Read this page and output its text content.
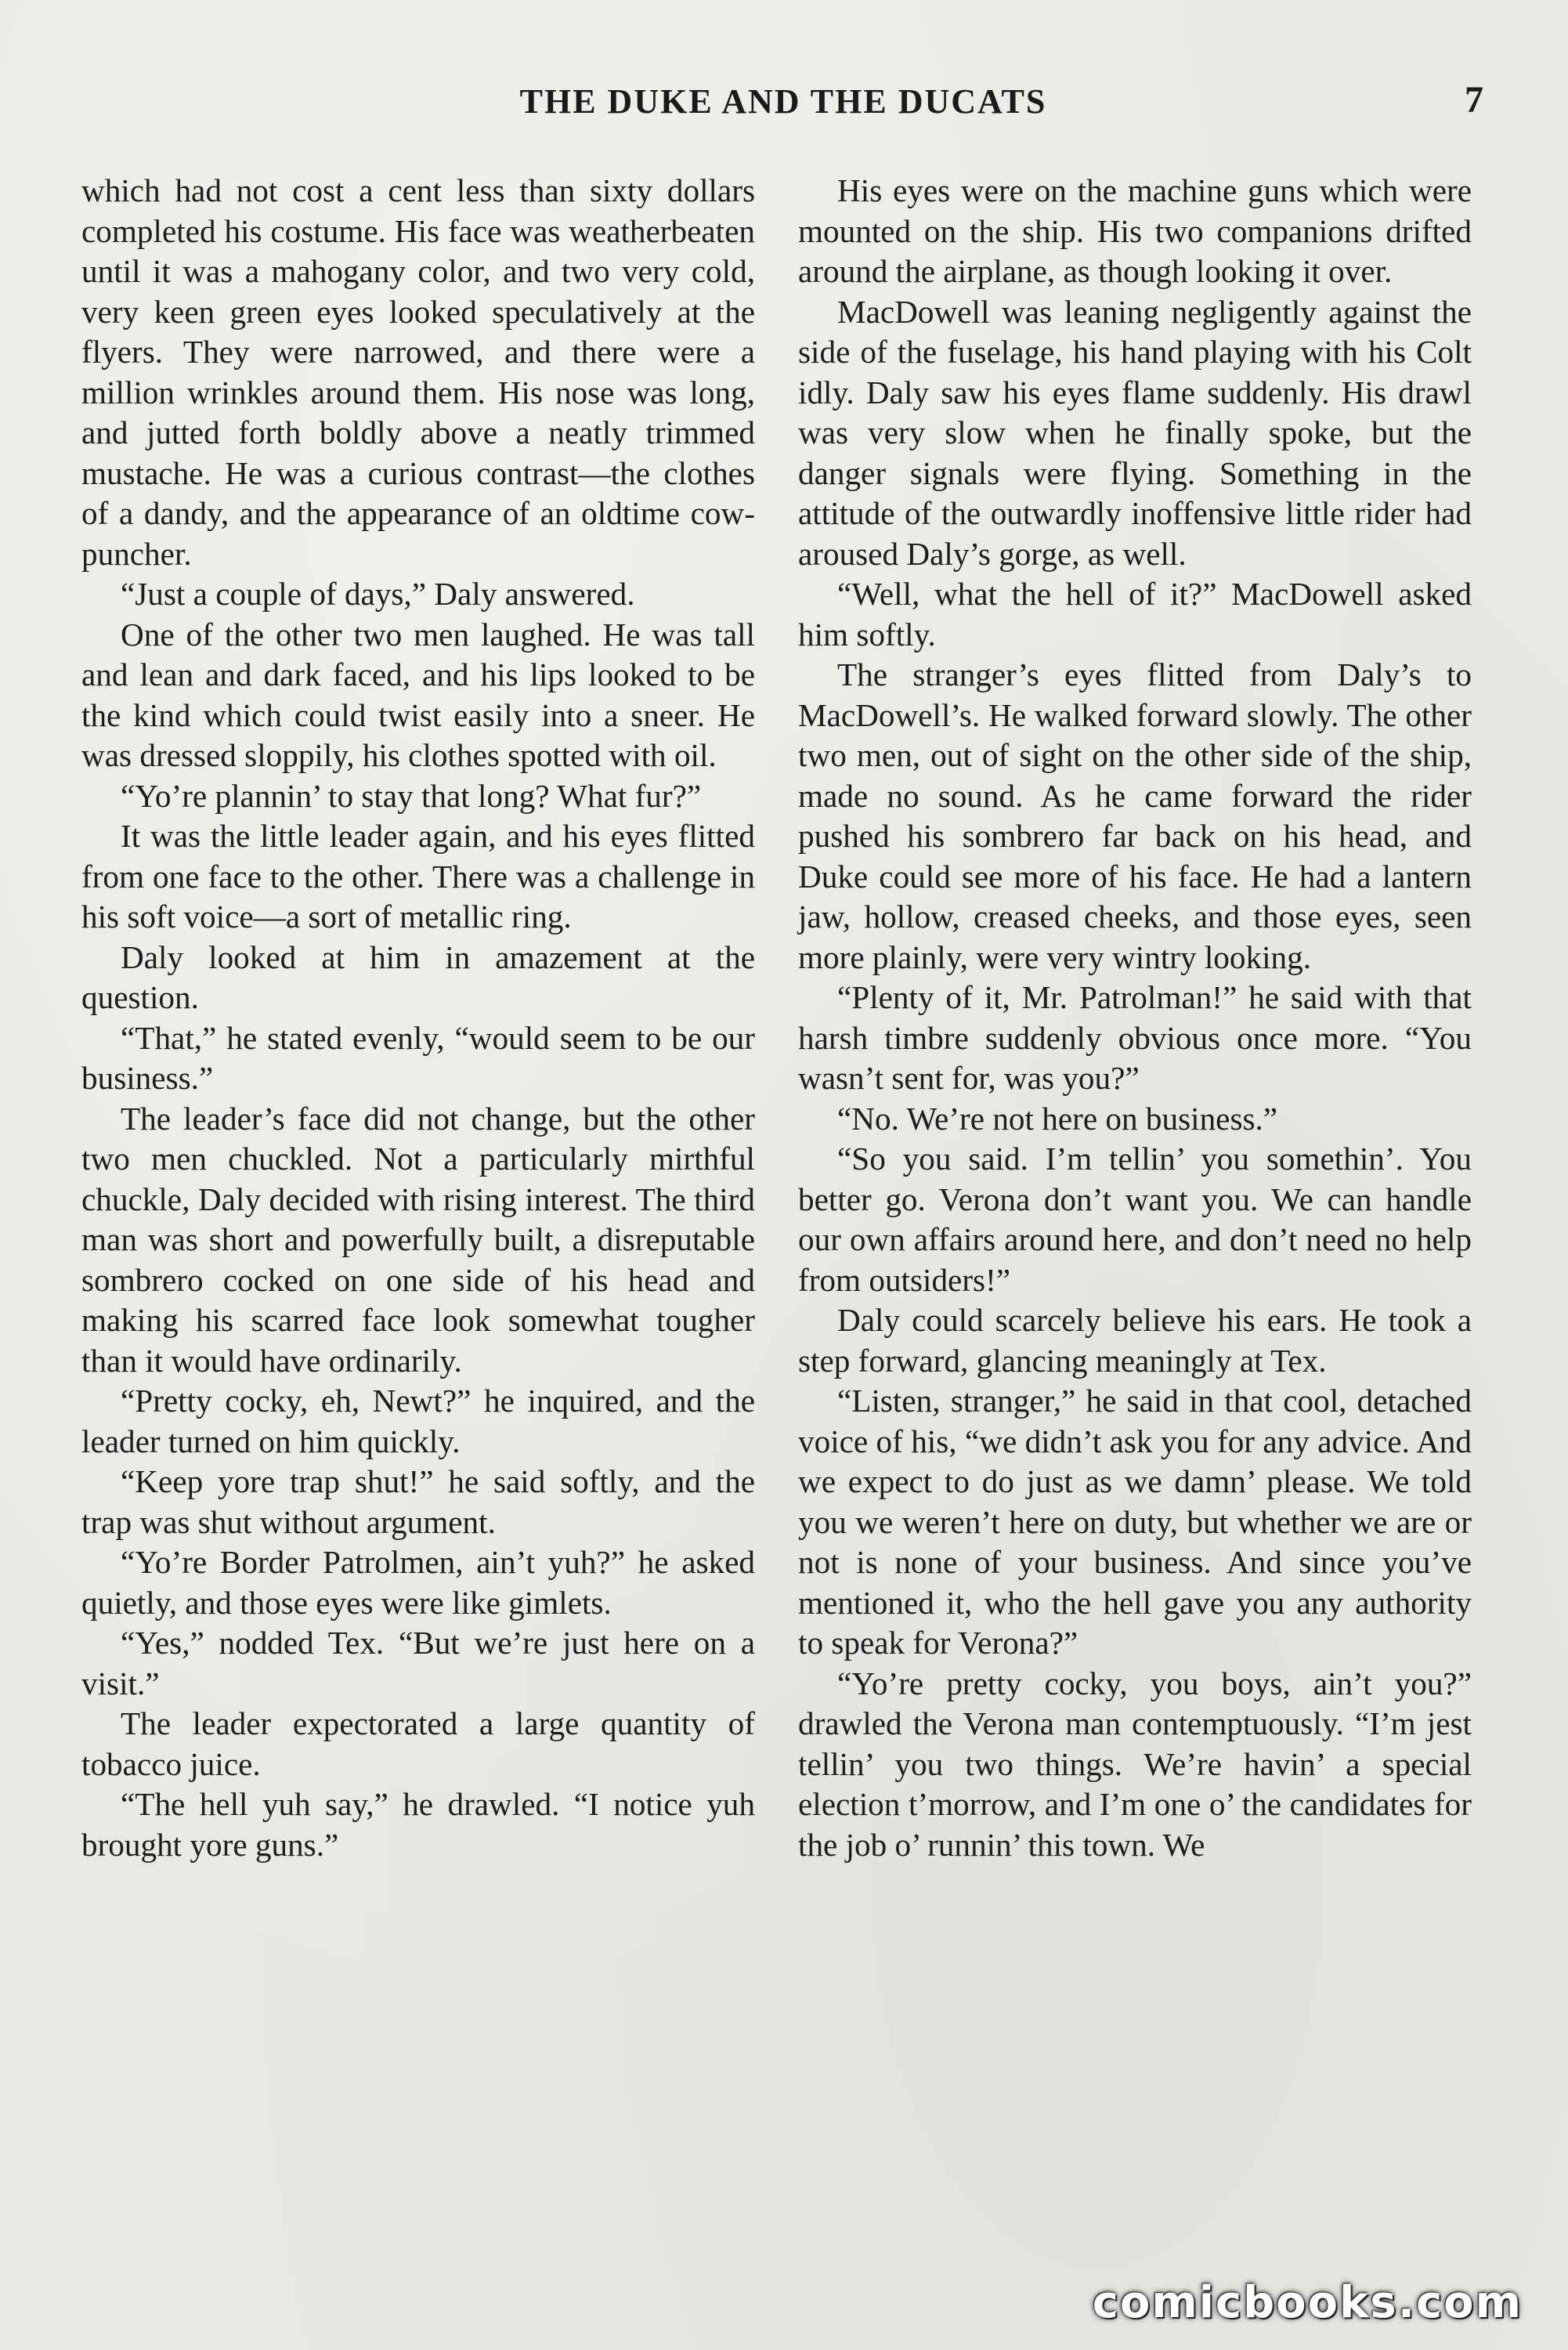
THE DUKE AND THE DUCATS	7

which had not cost a cent less than sixty dollars completed his costume. His face was weatherbeaten until it was a mahogany color, and two very cold, very keen green eyes looked speculatively at the flyers. They were narrowed, and there were a million wrinkles around them. His nose was long, and jutted forth boldly above a neatly trimmed mustache. He was a curious contrast—the clothes of a dandy, and the appearance of an oldtime cow-puncher.

“Just a couple of days,” Daly answered.

One of the other two men laughed. He was tall and lean and dark faced, and his lips looked to be the kind which could twist easily into a sneer. He was dressed sloppily, his clothes spotted with oil.

“Yo’re plannin’ to stay that long? What fur?”

It was the little leader again, and his eyes flitted from one face to the other. There was a challenge in his soft voice—a sort of metallic ring.

Daly looked at him in amazement at the question.

“That,” he stated evenly, “would seem to be our business.”

The leader’s face did not change, but the other two men chuckled. Not a particularly mirthful chuckle, Daly decided with rising interest. The third man was short and powerfully built, a disreputable sombrero cocked on one side of his head and making his scarred face look somewhat tougher than it would have ordinarily.

“Pretty cocky, eh, Newt?” he inquired, and the leader turned on him quickly.

“Keep yore trap shut!” he said softly, and the trap was shut without argument.

“Yo’re Border Patrolmen, ain’t yuh?” he asked quietly, and those eyes were like gimlets.

“Yes,” nodded Tex. “But we’re just here on a visit.”

The leader expectorated a large quantity of tobacco juice.

“The hell yuh say,” he drawled. “I notice yuh brought yore guns.”

His eyes were on the machine guns which were mounted on the ship. His two companions drifted around the airplane, as though looking it over.

MacDowell was leaning negligently against the side of the fuselage, his hand playing with his Colt idly. Daly saw his eyes flame suddenly. His drawl was very slow when he finally spoke, but the danger signals were flying. Something in the attitude of the outwardly inoffensive little rider had aroused Daly’s gorge, as well.

“Well, what the hell of it?” MacDowell asked him softly.

The stranger’s eyes flitted from Daly’s to MacDowell’s. He walked forward slowly. The other two men, out of sight on the other side of the ship, made no sound. As he came forward the rider pushed his sombrero far back on his head, and Duke could see more of his face. He had a lantern jaw, hollow, creased cheeks, and those eyes, seen more plainly, were very wintry looking.

“Plenty of it, Mr. Patrolman!” he said with that harsh timbre suddenly obvious once more. “You wasn’t sent for, was you?”

“No. We’re not here on business.”

“So you said. I’m tellin’ you somethin’. You better go. Verona don’t want you. We can handle our own affairs around here, and don’t need no help from outsiders!”

Daly could scarcely believe his ears. He took a step forward, glancing meaningly at Tex.

“Listen, stranger,” he said in that cool, detached voice of his, “we didn’t ask you for any advice. And we expect to do just as we damn’ please. We told you we weren’t here on duty, but whether we are or not is none of your business. And since you’ve mentioned it, who the hell gave you any authority to speak for Verona?”

“Yo’re pretty cocky, you boys, ain’t you?” drawled the Verona man contemptuously. “I’m jest tellin’ you two things. We’re havin’ a special election t’morrow, and I’m one o’ the candidates for the job o’ runnin’ this town. We

comicbooks.com
